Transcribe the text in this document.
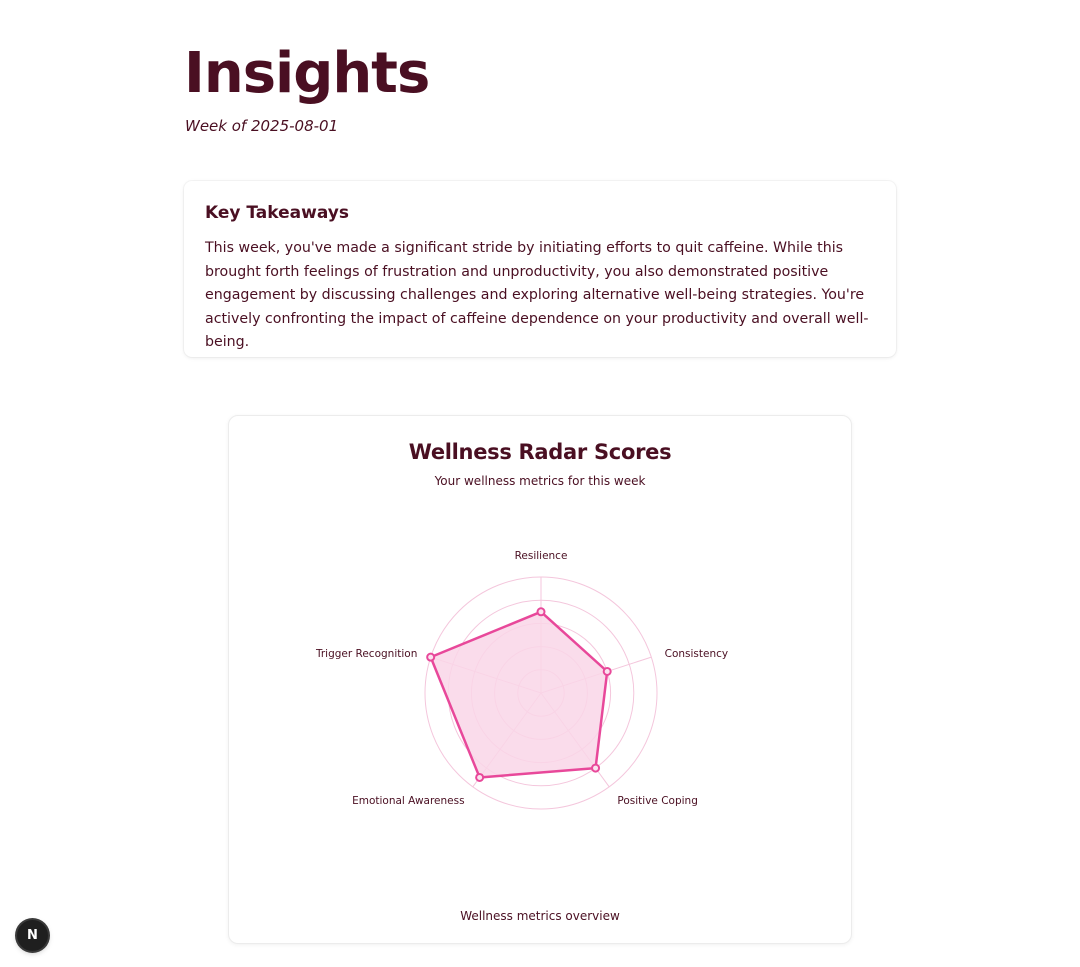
Insights
Week of 2025-08-01
Key Takeaways

This week, you've made a significant stride by initiating efforts to quit caffeine. While this brought forth feelings of frustration and unproductivity, you also demonstrated positive engagement by discussing challenges and exploring alternative well-being strategies. You're actively confronting the impact of caffeine dependence on your productivity and overall well-being.

Wellness Radar Scores
Your wellness metrics for this week
Resilience
Consistency
Positive Coping
Emotional Awareness
Trigger Recognition
Wellness metrics overview
N
